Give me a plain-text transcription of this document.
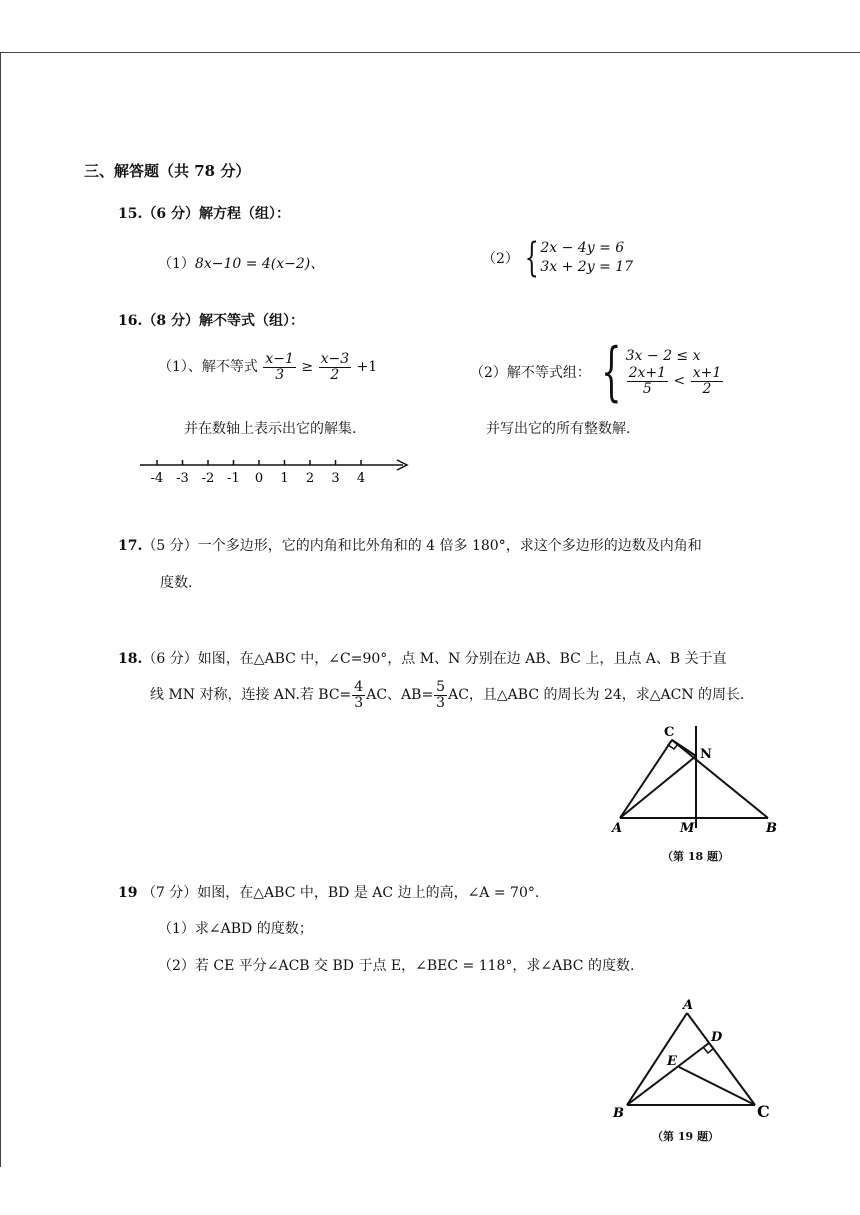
三、解答题（共 78 分）
15.（6 分）解方程（组）：
（1）8x−10 = 4(x−2)、	（2） { 2x − 4y = 6
3x + 2y = 17
16.（8 分）解不等式（组）：
（1）、解不等式 $\frac{x-1}{3} \ge \frac{x-3}{2} +1$
并在数轴上表示出它的解集.
（2）解不等式组： { 3x − 2 ≤ x
$\frac{2x+1}{5} < \frac{x+1}{2}$
并写出它的所有整数解.
-4 -3 -2 -1 0 1 2 3 4
17.（5 分）一个多边形，它的内角和比外角和的 4 倍多 180°，求这个多边形的边数及内角和
度数.
18.（6 分）如图，在△ABC 中，∠C=90°，点 M、N 分别在边 AB、BC 上，且点 A、B 关于直
线 MN 对称，连接 AN.若 $BC= \frac{4}{3}$ AC、$AB= \frac{5}{3}$ AC，且△ABC 的周长为 24，求△ACN 的周长.
C
N
A	M	B
（第 18 题）
19 （7 分）如图，在△ABC 中，BD 是 AC 边上的高，∠A = 70°.
（1）求∠ABD 的度数；
（2）若 CE 平分∠ACB 交 BD 于点 E，∠BEC = 118°，求∠ABC 的度数.
A
D
E
B	C
（第 19 题）
